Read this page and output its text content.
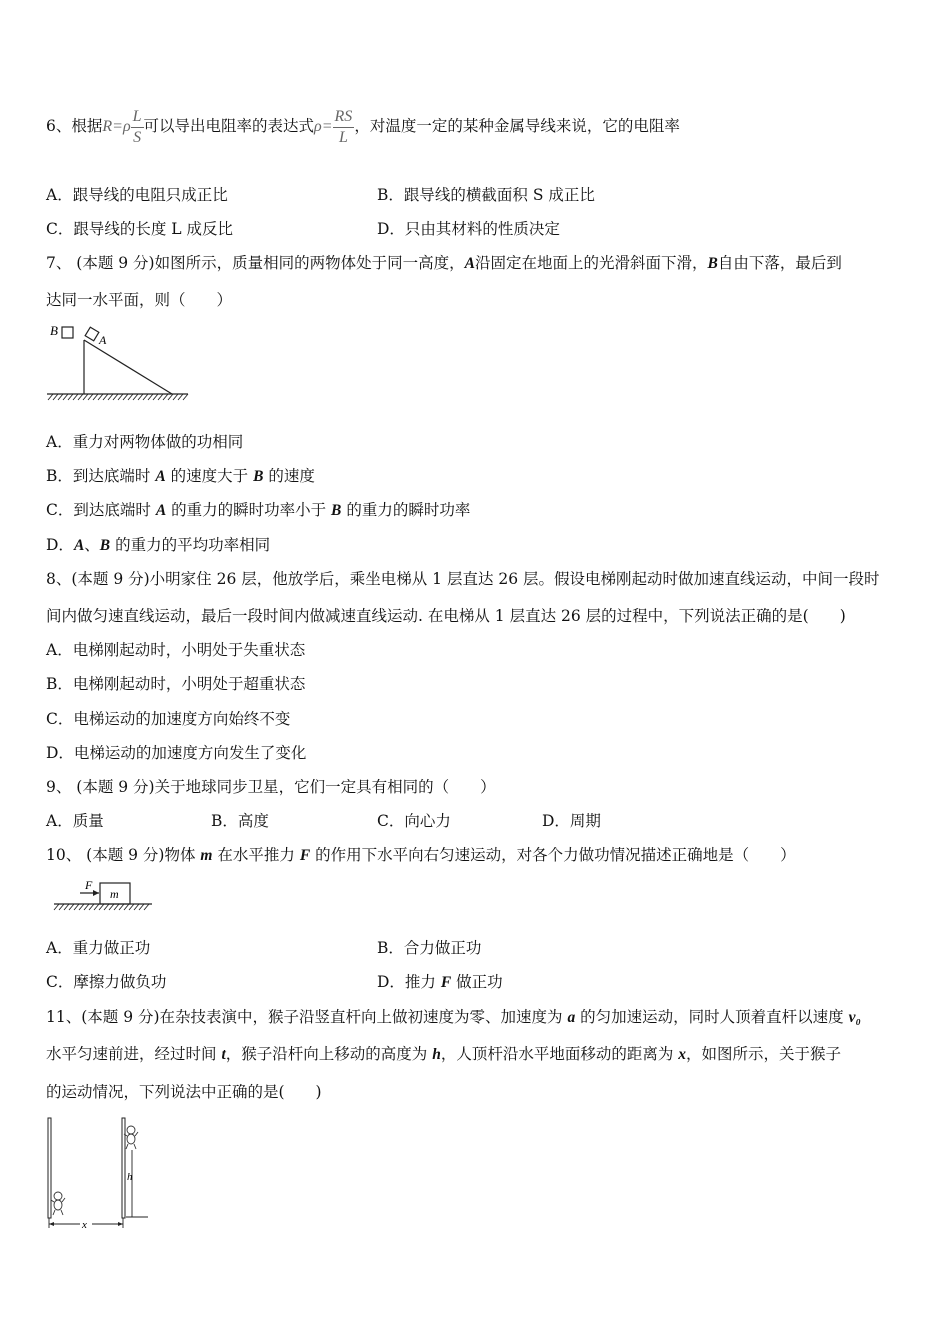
6、根据$R=\rho \frac{L}{S}$ 可以导出电阻率的表达式$\rho= \frac{RS}{L}$ ，对温度一定的某种金属导线来说，它的电阻率
A．跟导线的电阻只成正比	B．跟导线的横截面积 S 成正比
C．跟导线的长度 L 成反比	D．只由其材料的性质决定
7、 (本题 9 分)如图所示，质量相同的两物体处于同一高度，A沿固定在地面上的光滑斜面下滑，B自由下落，最后到
达同一水平面，则（　　）
B
A
A．重力对两物体做的功相同
B．到达底端时 A 的速度大于 B 的速度
C．到达底端时 A 的重力的瞬时功率小于 B 的重力的瞬时功率
D．A、B 的重力的平均功率相同
8、(本题 9 分)小明家住 26 层，他放学后，乘坐电梯从 1 层直达 26 层。假设电梯刚起动时做加速直线运动，中间一段时
间内做匀速直线运动，最后一段时间内做减速直线运动. 在电梯从 1 层直达 26 层的过程中，下列说法正确的是(　　)
A．电梯刚起动时，小明处于失重状态
B．电梯刚起动时，小明处于超重状态
C．电梯运动的加速度方向始终不变
D．电梯运动的加速度方向发生了变化
9、 (本题 9 分)关于地球同步卫星，它们一定具有相同的（　　）
A．质量	B．高度	C．向心力	D．周期
10、 (本题 9 分)物体 m 在水平推力 F 的作用下水平向右匀速运动，对各个力做功情况描述正确地是（　　）
m
F
A．重力做正功	B．合力做正功
C．摩擦力做负功	D．推力 F 做正功
11、(本题 9 分)在杂技表演中，猴子沿竖直杆向上做初速度为零、加速度为 a 的匀加速运动，同时人顶着直杆以速度 v₀
水平匀速前进，经过时间 t，猴子沿杆向上移动的高度为 h，人顶杆沿水平地面移动的距离为 x，如图所示，关于猴子
的运动情况，下列说法中正确的是(　　)
h
x
